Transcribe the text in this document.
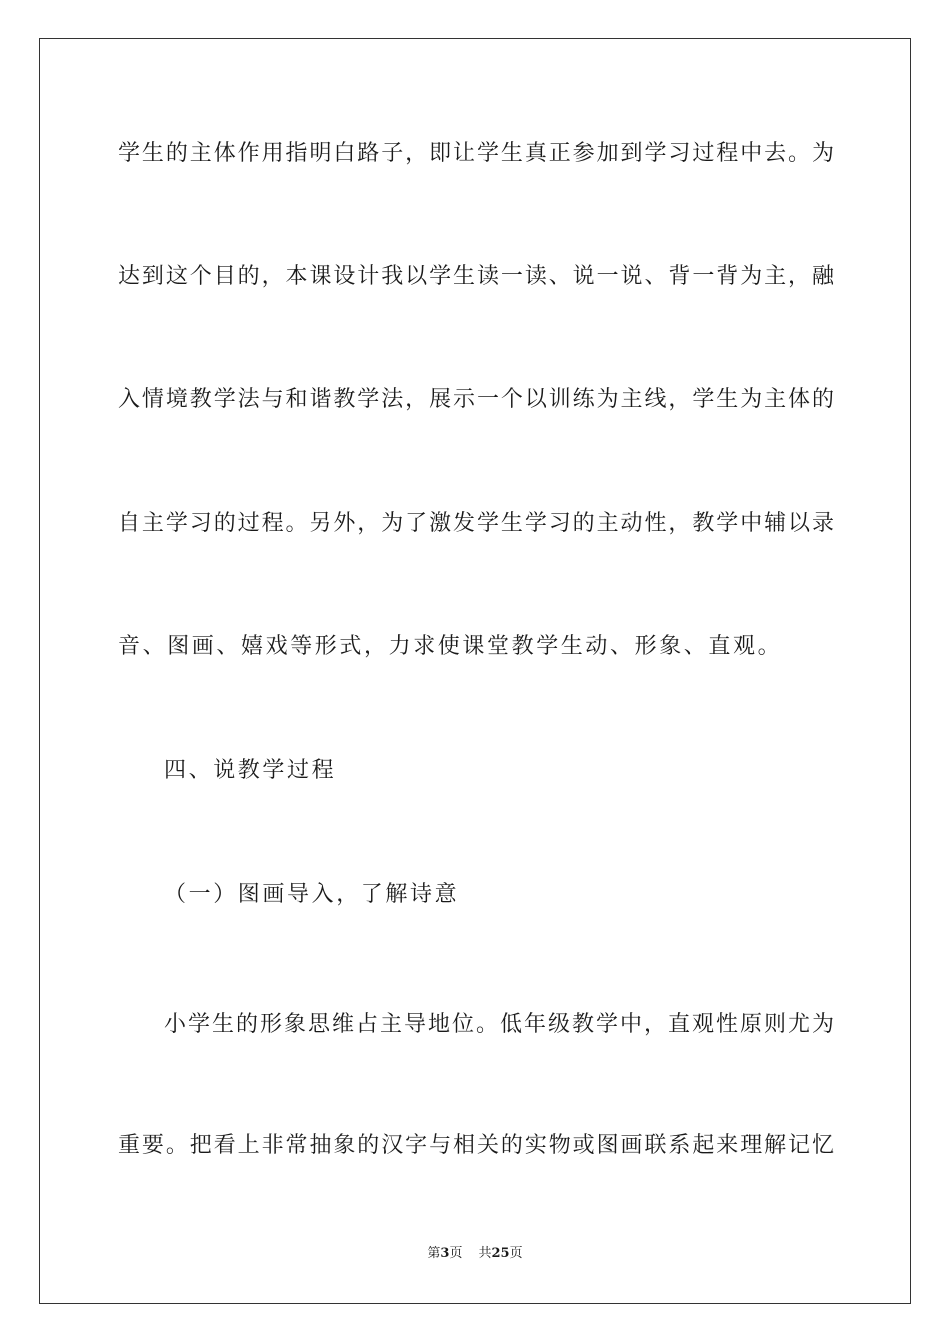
学生的主体作用指明白路子，即让学生真正参加到学习过程中去。为
达到这个目的，本课设计我以学生读一读、说一说、背一背为主，融
入情境教学法与和谐教学法，展示一个以训练为主线，学生为主体的
自主学习的过程。另外，为了激发学生学习的主动性，教学中辅以录
音、图画、嬉戏等形式，力求使课堂教学生动、形象、直观。
四、说教学过程
（一）图画导入，了解诗意
小学生的形象思维占主导地位。低年级教学中，直观性原则尤为
重要。把看上非常抽象的汉字与相关的实物或图画联系起来理解记忆
第3页 共25页
